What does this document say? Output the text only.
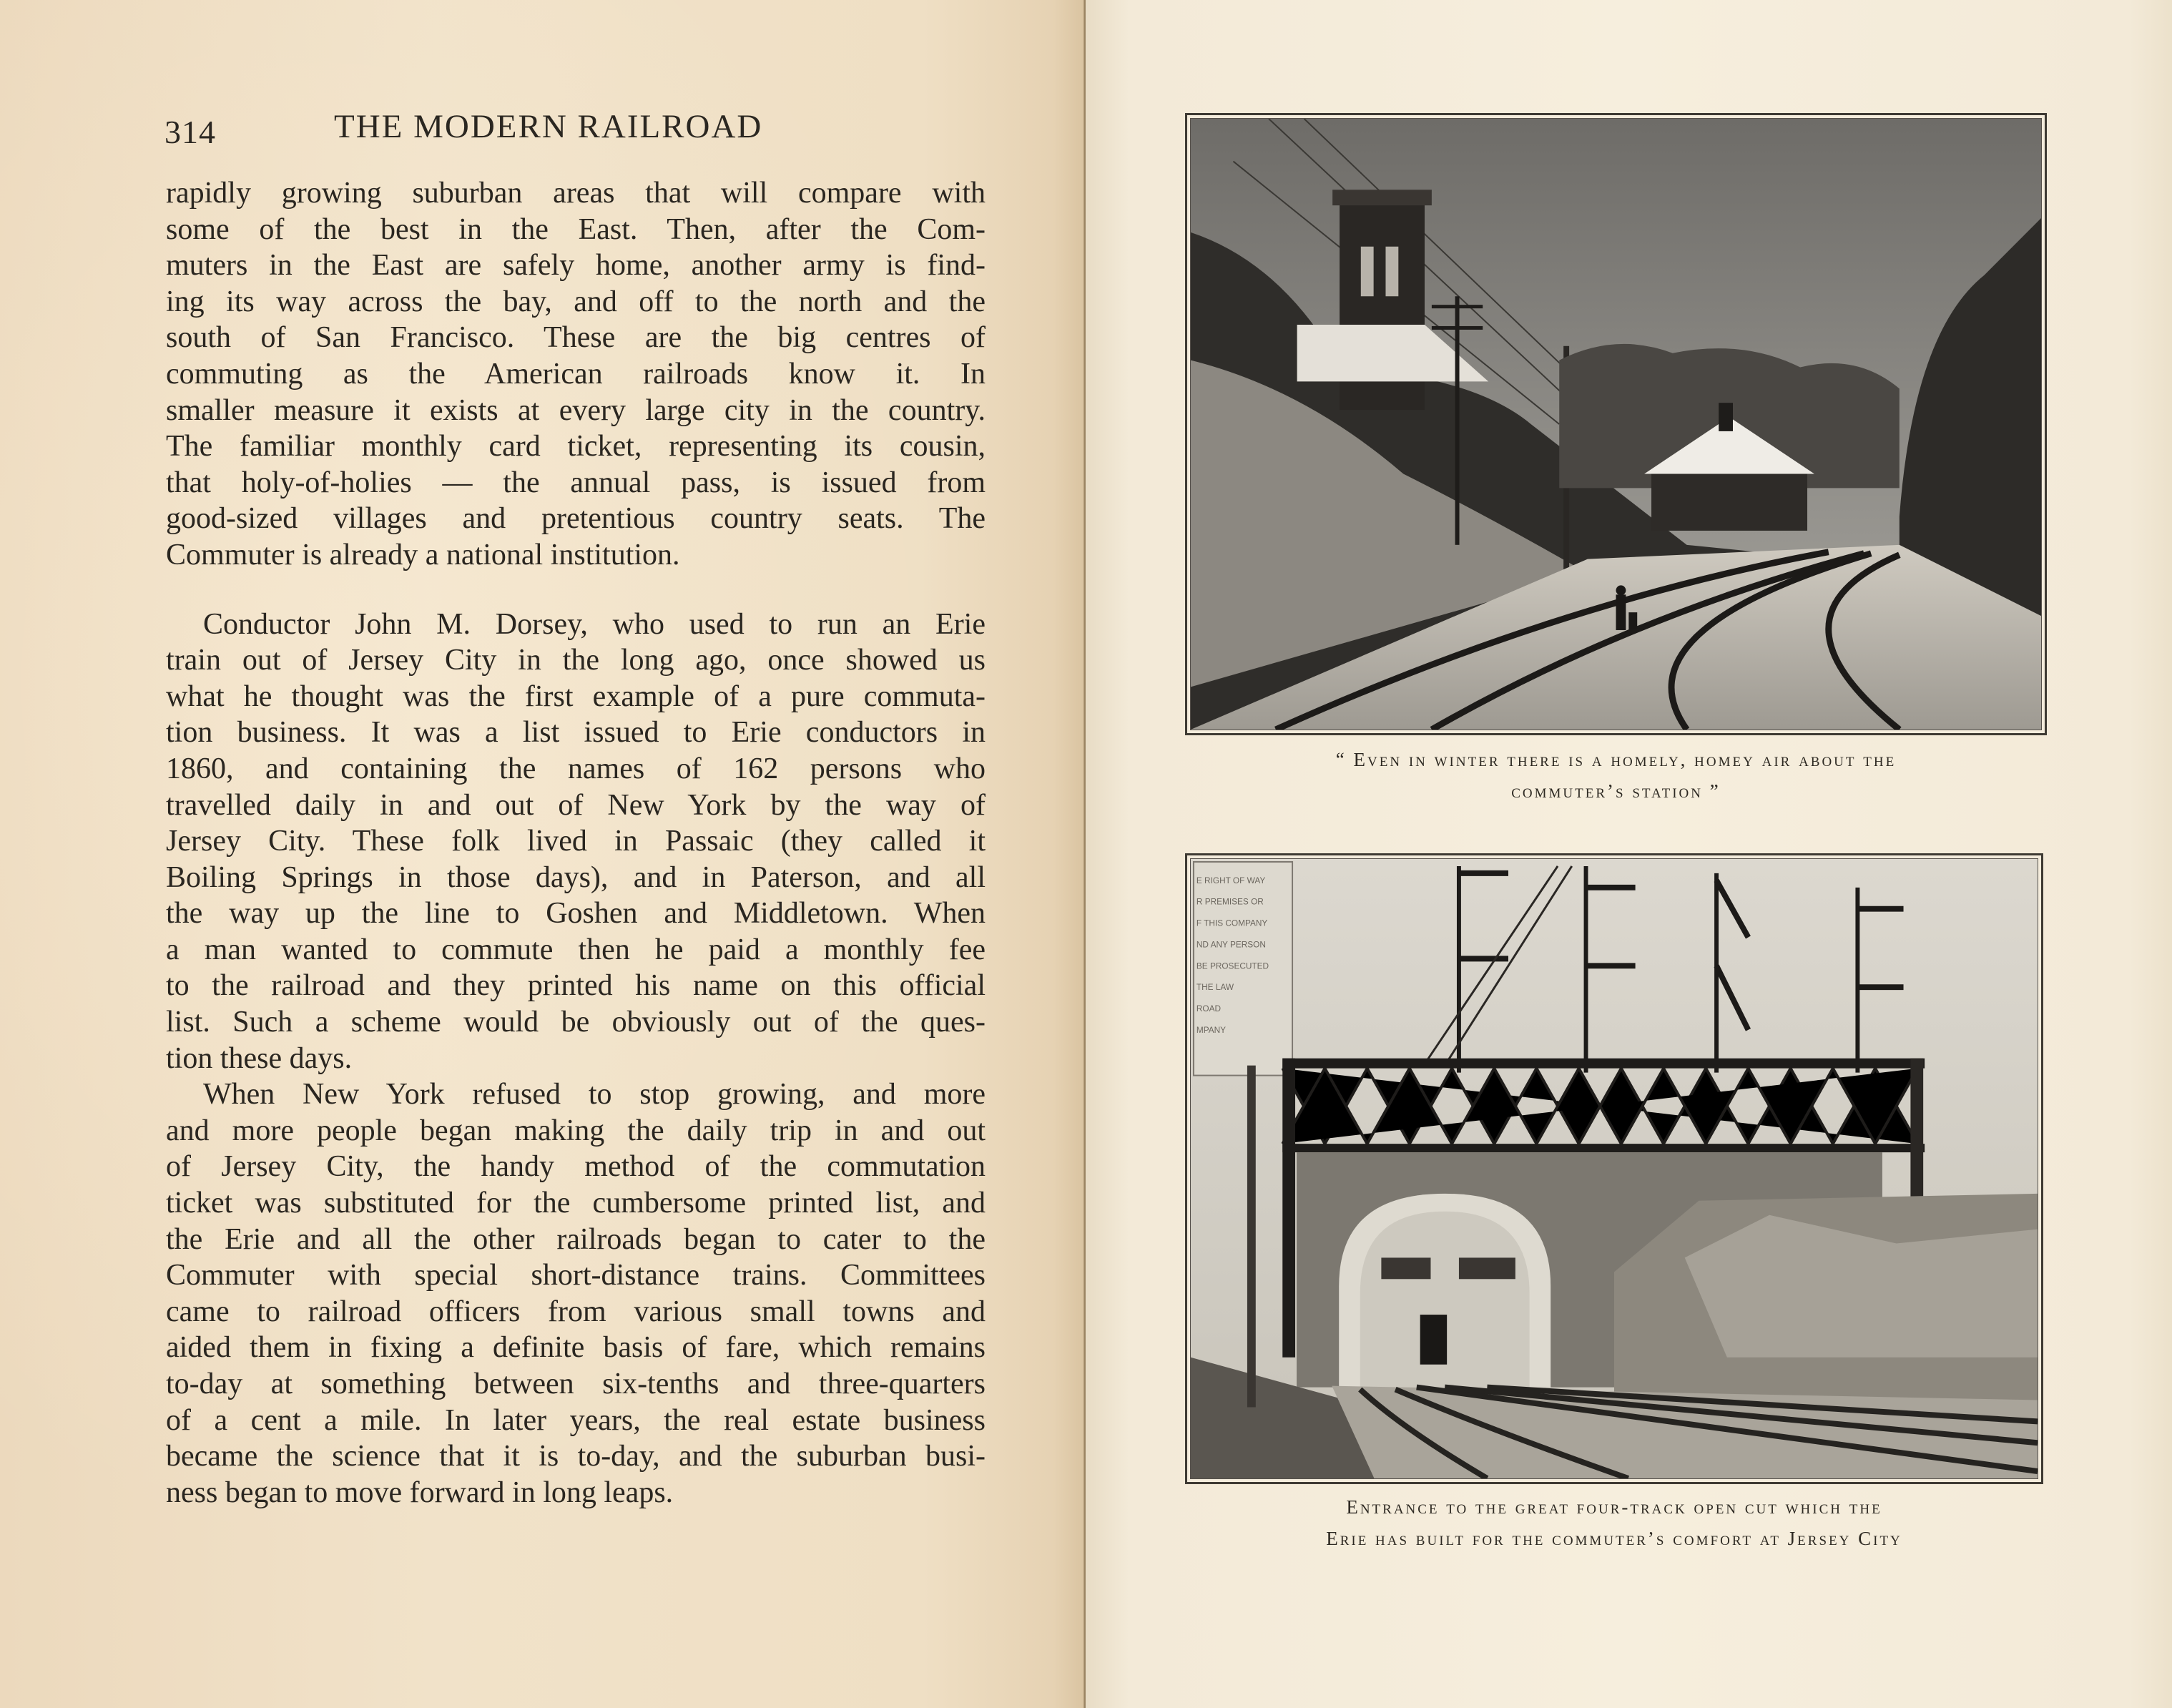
314	THE MODERN RAILROAD
rapidly growing suburban areas that will compare with
some of the best in the East. Then, after the Com-
muters in the East are safely home, another army is find-
ing its way across the bay, and off to the north and the
south of San Francisco. These are the big centres of
commuting as the American railroads know it. In
smaller measure it exists at every large city in the country.
The familiar monthly card ticket, representing its cousin,
that holy-of-holies — the annual pass, is issued from
good-sized villages and pretentious country seats. The
Commuter is already a national institution.
Conductor John M. Dorsey, who used to run an Erie
train out of Jersey City in the long ago, once showed us
what he thought was the first example of a pure commuta-
tion business. It was a list issued to Erie conductors in
1860, and containing the names of 162 persons who
travelled daily in and out of New York by the way of
Jersey City. These folk lived in Passaic (they called it
Boiling Springs in those days), and in Paterson, and all
the way up the line to Goshen and Middletown. When
a man wanted to commute then he paid a monthly fee
to the railroad and they printed his name on this official
list. Such a scheme would be obviously out of the ques-
tion these days.
When New York refused to stop growing, and more
and more people began making the daily trip in and out
of Jersey City, the handy method of the commutation
ticket was substituted for the cumbersome printed list, and
the Erie and all the other railroads began to cater to the
Commuter with special short-distance trains. Committees
came to railroad officers from various small towns and
aided them in fixing a definite basis of fare, which remains
to-day at something between six-tenths and three-quarters
of a cent a mile. In later years, the real estate business
became the science that it is to-day, and the suburban busi-
ness began to move forward in long leaps.
“ Even in winter there is a homely, homey air about the
commuter’s station ”
E RIGHT OF WAY
R PREMISES OR
F THIS COMPANY
ND ANY PERSON
BE PROSECUTED
THE LAW
ROAD
MPANY
Entrance to the great four-track open cut which the
Erie has built for the commuter’s comfort at Jersey City
